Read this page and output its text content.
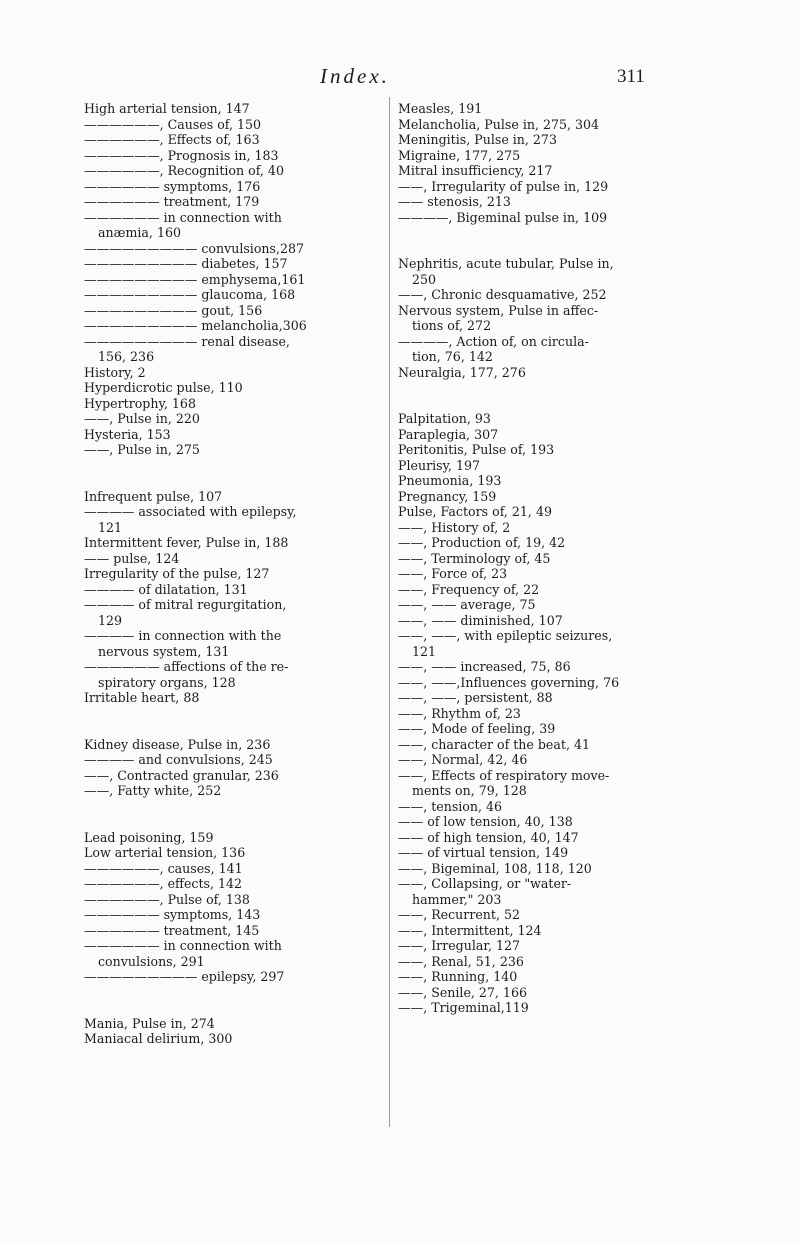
Index.	311
High arterial tension, 147
——————, Causes of, 150
——————, Effects of, 163
——————, Prognosis in, 183
——————, Recognition of, 40
—————— symptoms, 176
—————— treatment, 179
—————— in connection with
anæmia, 160
————————— convulsions,287
————————— diabetes, 157
————————— emphysema,161
————————— glaucoma, 168
————————— gout, 156
————————— melancholia,306
————————— renal disease,
156, 236
History, 2
Hyperdicrotic pulse, 110
Hypertrophy, 168
——, Pulse in, 220
Hysteria, 153
——, Pulse in, 275
Infrequent pulse, 107
———— associated with epilepsy,
121
Intermittent fever, Pulse in, 188
—— pulse, 124
Irregularity of the pulse, 127
———— of dilatation, 131
———— of mitral regurgitation,
129
———— in connection with the
nervous system, 131
—————— affections of the re-
spiratory organs, 128
Irritable heart, 88
Kidney disease, Pulse in, 236
———— and convulsions, 245
——, Contracted granular, 236
——, Fatty white, 252
Lead poisoning, 159
Low arterial tension, 136
——————, causes, 141
——————, effects, 142
——————, Pulse of, 138
—————— symptoms, 143
—————— treatment, 145
—————— in connection with
convulsions, 291
————————— epilepsy, 297
Mania, Pulse in, 274
Maniacal delirium, 300
Measles, 191
Melancholia, Pulse in, 275, 304
Meningitis, Pulse in, 273
Migraine, 177, 275
Mitral insufficiency, 217
——, Irregularity of pulse in, 129
—— stenosis, 213
————, Bigeminal pulse in, 109
Nephritis, acute tubular, Pulse in,
250
——, Chronic desquamative, 252
Nervous system, Pulse in affec-
tions of, 272
————, Action of, on circula-
tion, 76, 142
Neuralgia, 177, 276
Palpitation, 93
Paraplegia, 307
Peritonitis, Pulse of, 193
Pleurisy, 197
Pneumonia, 193
Pregnancy, 159
Pulse, Factors of, 21, 49
——, History of, 2
——, Production of, 19, 42
——, Terminology of, 45
——, Force of, 23
——, Frequency of, 22
——, —— average, 75
——, —— diminished, 107
——, ——, with epileptic seizures,
121
——, —— increased, 75, 86
——, ——,Influences governing, 76
——, ——, persistent, 88
——, Rhythm of, 23
——, Mode of feeling, 39
——, character of the beat, 41
——, Normal, 42, 46
——, Effects of respiratory move-
ments on, 79, 128
——, tension, 46
—— of low tension, 40, 138
—— of high tension, 40, 147
—— of virtual tension, 149
——, Bigeminal, 108, 118, 120
——, Collapsing, or "water-
hammer," 203
——, Recurrent, 52
——, Intermittent, 124
——, Irregular, 127
——, Renal, 51, 236
——, Running, 140
——, Senile, 27, 166
——, Trigeminal,119
